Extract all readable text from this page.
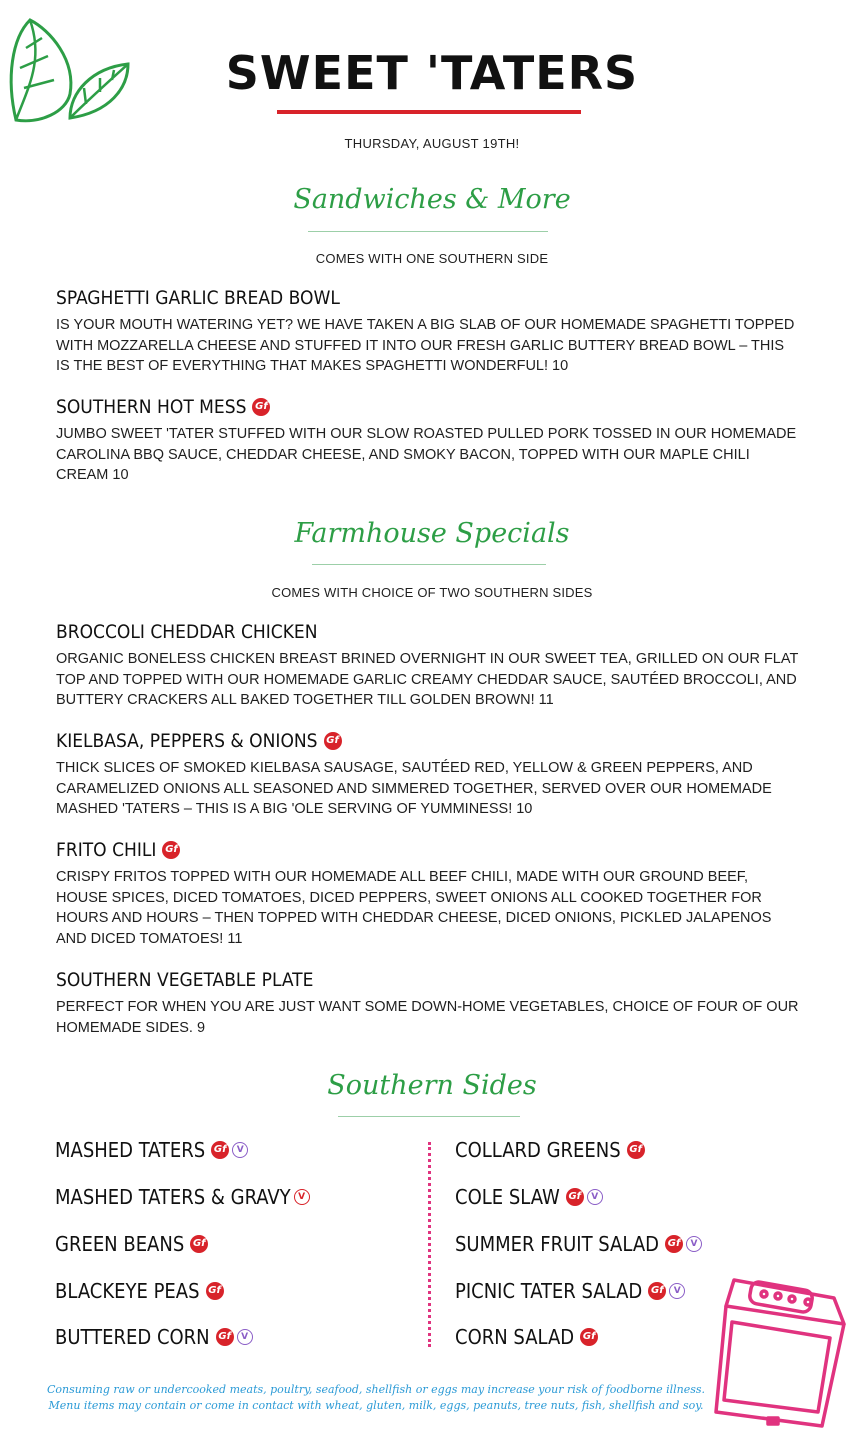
SWEET 'TATERS
THURSDAY, AUGUST 19TH!
Sandwiches & More
COMES WITH ONE SOUTHERN SIDE
SPAGHETTI GARLIC BREAD BOWL
IS YOUR MOUTH WATERING YET? WE HAVE TAKEN A BIG SLAB OF OUR HOMEMADE SPAGHETTI TOPPED WITH MOZZARELLA CHEESE AND STUFFED IT INTO OUR FRESH GARLIC BUTTERY BREAD BOWL – THIS IS THE BEST OF EVERYTHING THAT MAKES SPAGHETTI WONDERFUL! 10
SOUTHERN HOT MESS Gf
JUMBO SWEET 'TATER STUFFED WITH OUR SLOW ROASTED PULLED PORK TOSSED IN OUR HOMEMADE CAROLINA BBQ SAUCE, CHEDDAR CHEESE, AND SMOKY BACON, TOPPED WITH OUR MAPLE CHILI CREAM 10
Farmhouse Specials
COMES WITH CHOICE OF TWO SOUTHERN SIDES
BROCCOLI CHEDDAR CHICKEN
ORGANIC BONELESS CHICKEN BREAST BRINED OVERNIGHT IN OUR SWEET TEA, GRILLED ON OUR FLAT TOP AND TOPPED WITH OUR HOMEMADE GARLIC CREAMY CHEDDAR SAUCE, SAUTÉED BROCCOLI, AND BUTTERY CRACKERS ALL BAKED TOGETHER TILL GOLDEN BROWN! 11
KIELBASA, PEPPERS & ONIONS Gf
THICK SLICES OF SMOKED KIELBASA SAUSAGE, SAUTÉED RED, YELLOW & GREEN PEPPERS, AND CARAMELIZED ONIONS ALL SEASONED AND SIMMERED TOGETHER, SERVED OVER OUR HOMEMADE MASHED 'TATERS – THIS IS A BIG 'OLE SERVING OF YUMMINESS! 10
FRITO CHILI Gf
CRISPY FRITOS TOPPED WITH OUR HOMEMADE ALL BEEF CHILI, MADE WITH OUR GROUND BEEF, HOUSE SPICES, DICED TOMATOES, DICED PEPPERS, SWEET ONIONS ALL COOKED TOGETHER FOR HOURS AND HOURS – THEN TOPPED WITH CHEDDAR CHEESE, DICED ONIONS, PICKLED JALAPENOS AND DICED TOMATOES! 11
SOUTHERN VEGETABLE PLATE
PERFECT FOR WHEN YOU ARE JUST WANT SOME DOWN-HOME VEGETABLES, CHOICE OF FOUR OF OUR HOMEMADE SIDES. 9
Southern Sides
MASHED TATERS Gf	V
MASHED TATERS & GRAVY V
GREEN BEANS Gf
BLACKEYE PEAS Gf
BUTTERED CORN Gf	V
COLLARD GREENS Gf
COLE SLAW Gf	V
SUMMER FRUIT SALAD Gf	V
PICNIC TATER SALAD Gf	V
CORN SALAD Gf
Consuming raw or undercooked meats, poultry, seafood, shellfish or eggs may increase your risk of foodborne illness.
Menu items may contain or come in contact with wheat, gluten, milk, eggs, peanuts, tree nuts, fish, shellfish and soy.
